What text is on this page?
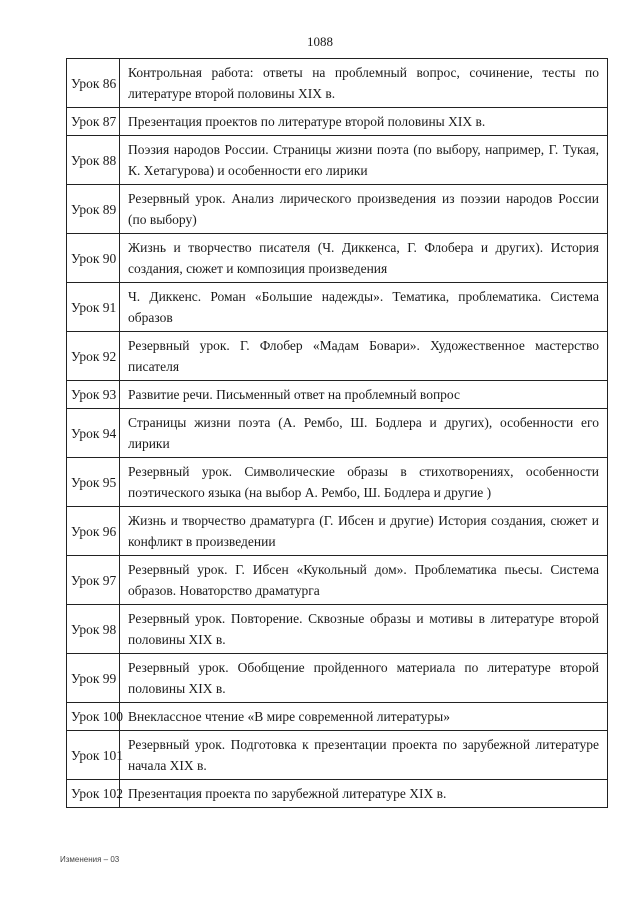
1088
Урок 86	Контрольная работа: ответы на проблемный вопрос, сочинение, тесты по литературе второй половины XIX в.
Урок 87	Презентация проектов по литературе второй половины XIX в.
Урок 88	Поэзия народов России. Страницы жизни поэта (по выбору, например, Г. Тукая, К. Хетагурова) и особенности его лирики
Урок 89	Резервный урок. Анализ лирического произведения из поэзии народов России (по выбору)
Урок 90	Жизнь и творчество писателя (Ч. Диккенса, Г. Флобера и других). История создания, сюжет и композиция произведения
Урок 91	Ч. Диккенс. Роман «Большие надежды». Тематика, проблематика. Система образов
Урок 92	Резервный урок. Г. Флобер «Мадам Бовари». Художественное мастерство писателя
Урок 93	Развитие речи. Письменный ответ на проблемный вопрос
Урок 94	Страницы жизни поэта (А. Рембо, Ш. Бодлера и других), особенности его лирики
Урок 95	Резервный урок. Символические образы в стихотворениях, особенности поэтического языка (на выбор А. Рембо, Ш. Бодлера и другие )
Урок 96	Жизнь и творчество драматурга (Г. Ибсен и другие) История создания, сюжет и конфликт в произведении
Урок 97	Резервный урок. Г. Ибсен «Кукольный дом». Проблематика пьесы. Система образов. Новаторство драматурга
Урок 98	Резервный урок. Повторение. Сквозные образы и мотивы в литературе второй половины XIX в.
Урок 99	Резервный урок. Обобщение пройденного материала по литературе второй половины XIX в.
Урок 100	Внеклассное чтение «В мире современной литературы»
Урок 101	Резервный урок. Подготовка к презентации проекта по зарубежной литературе начала XIX в.
Урок 102	Презентация проекта по зарубежной литературе XIX в.
Изменения – 03
